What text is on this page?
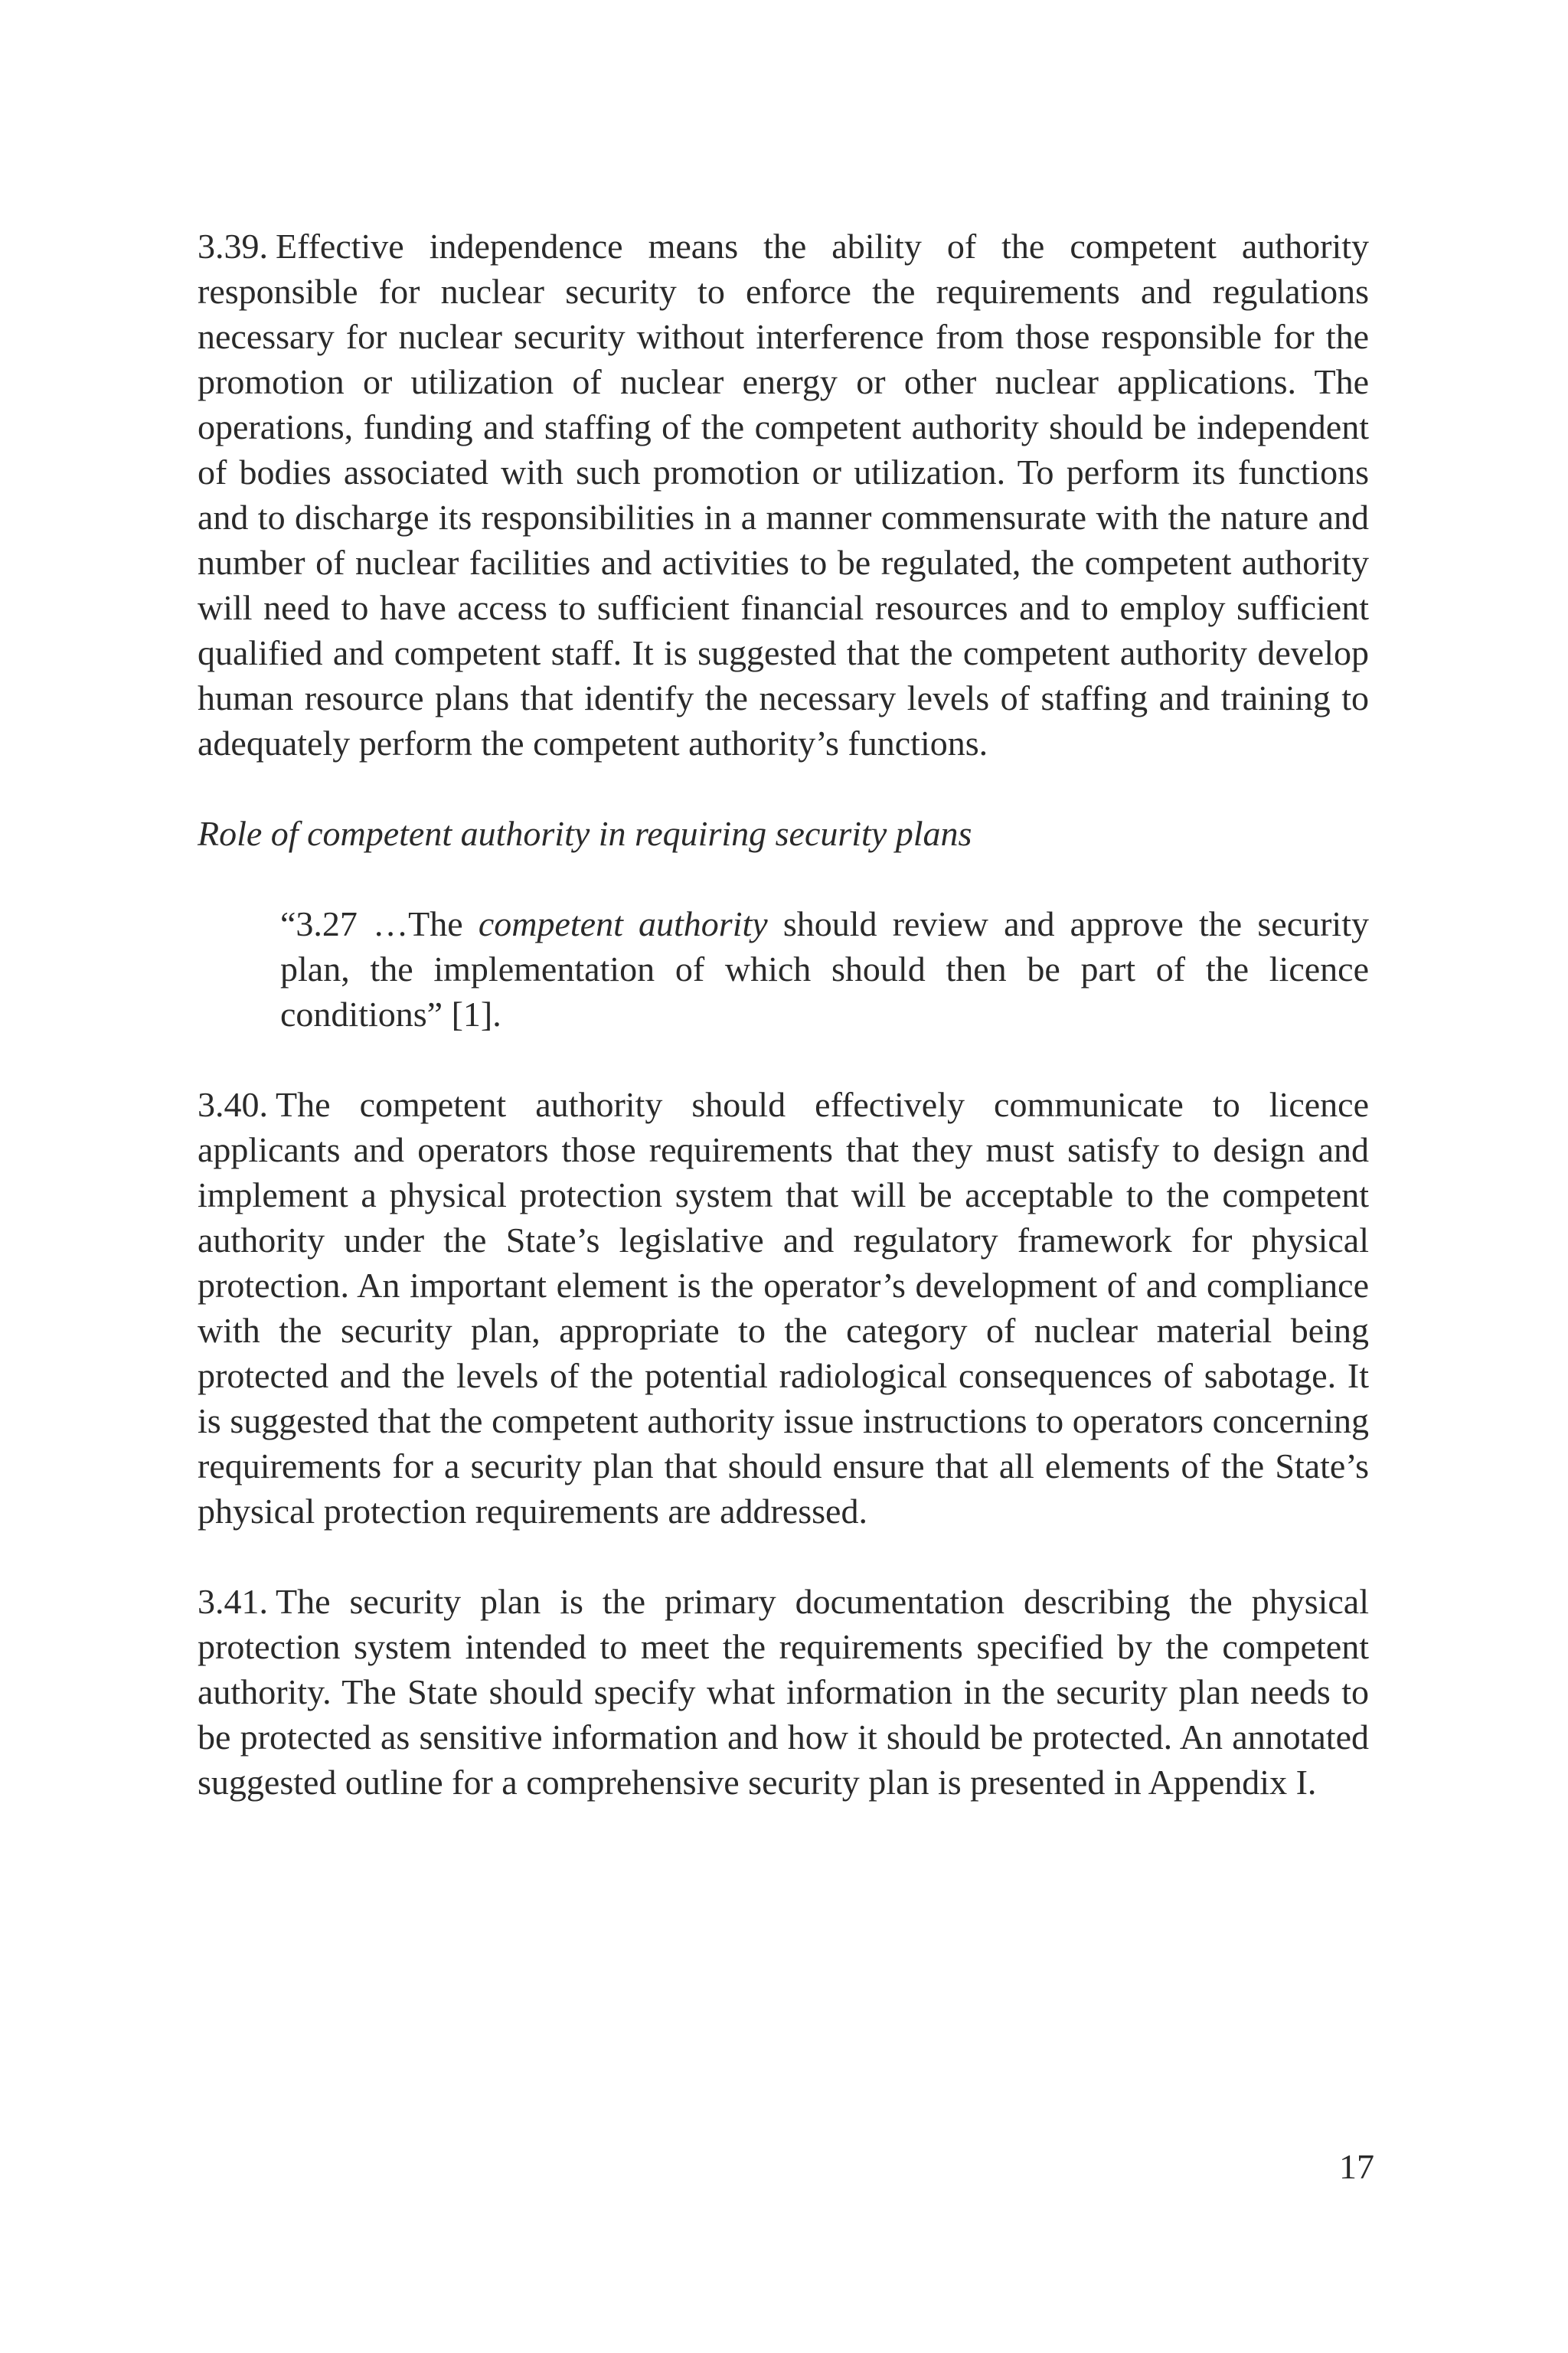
3.39. Effective independence means the ability of the competent authority responsible for nuclear security to enforce the requirements and regulations necessary for nuclear security without interference from those responsible for the promotion or utilization of nuclear energy or other nuclear applications. The operations, funding and staffing of the competent authority should be independent of bodies associated with such promotion or utilization. To perform its functions and to discharge its responsibilities in a manner commensurate with the nature and number of nuclear facilities and activities to be regulated, the competent authority will need to have access to sufficient financial resources and to employ sufficient qualified and competent staff. It is suggested that the competent authority develop human resource plans that identify the necessary levels of staffing and training to adequately perform the competent authority’s functions.

Role of competent authority in requiring security plans

“3.27 …The competent authority should review and approve the security plan, the implementation of which should then be part of the licence conditions” [1].

3.40. The competent authority should effectively communicate to licence applicants and operators those requirements that they must satisfy to design and implement a physical protection system that will be acceptable to the competent authority under the State’s legislative and regulatory framework for physical protection. An important element is the operator’s development of and compliance with the security plan, appropriate to the category of nuclear material being protected and the levels of the potential radiological consequences of sabotage. It is suggested that the competent authority issue instructions to operators concerning requirements for a security plan that should ensure that all elements of the State’s physical protection requirements are addressed.

3.41. The security plan is the primary documentation describing the physical protection system intended to meet the requirements specified by the competent authority. The State should specify what information in the security plan needs to be protected as sensitive information and how it should be protected. An annotated suggested outline for a comprehensive security plan is presented in Appendix I.

17
